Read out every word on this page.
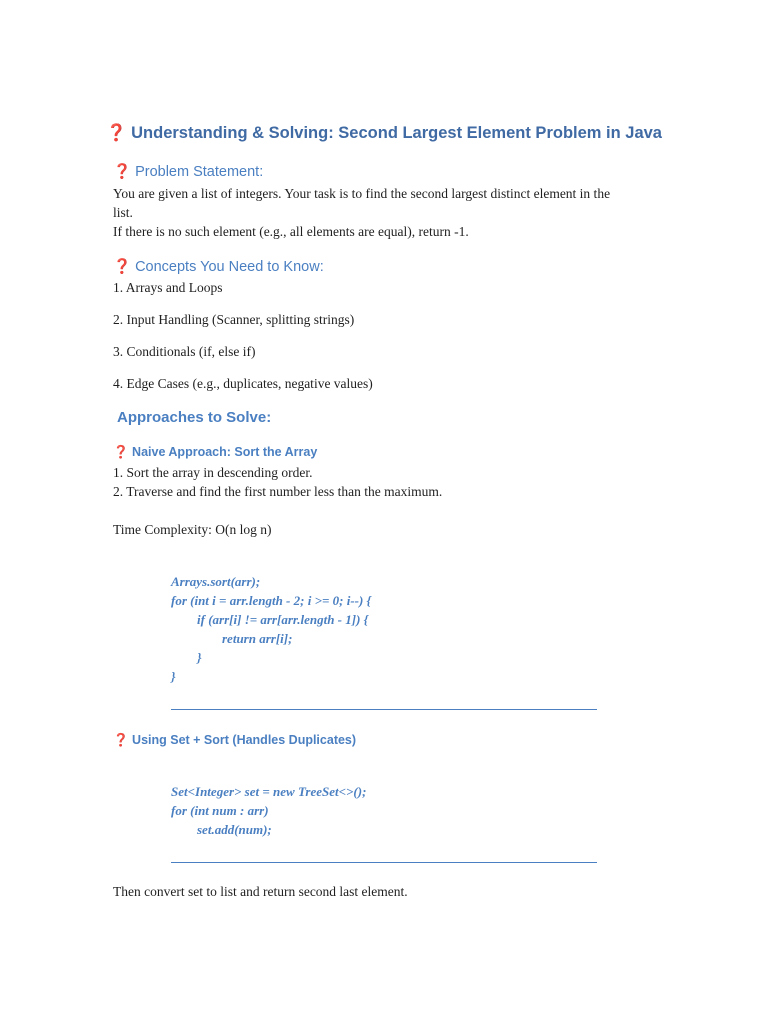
❓ Understanding & Solving: Second Largest Element Problem in Java
❓ Problem Statement:
You are given a list of integers. Your task is to find the second largest distinct element in the
list.
If there is no such element (e.g., all elements are equal), return -1.
❓ Concepts You Need to Know:
1. Arrays and Loops
2. Input Handling (Scanner, splitting strings)
3. Conditionals (if, else if)
4. Edge Cases (e.g., duplicates, negative values)
Approaches to Solve:
❓ Naive Approach: Sort the Array
1. Sort the array in descending order.
2. Traverse and find the first number less than the maximum.
Time Complexity: O(n log n)
Arrays.sort(arr);
for (int i = arr.length - 2; i >= 0; i--) {
if (arr[i] != arr[arr.length - 1]) {
return arr[i];
}
}
❓ Using Set + Sort (Handles Duplicates)
Set<Integer> set = new TreeSet<>();
for (int num : arr)
set.add(num);
Then convert set to list and return second last element.
